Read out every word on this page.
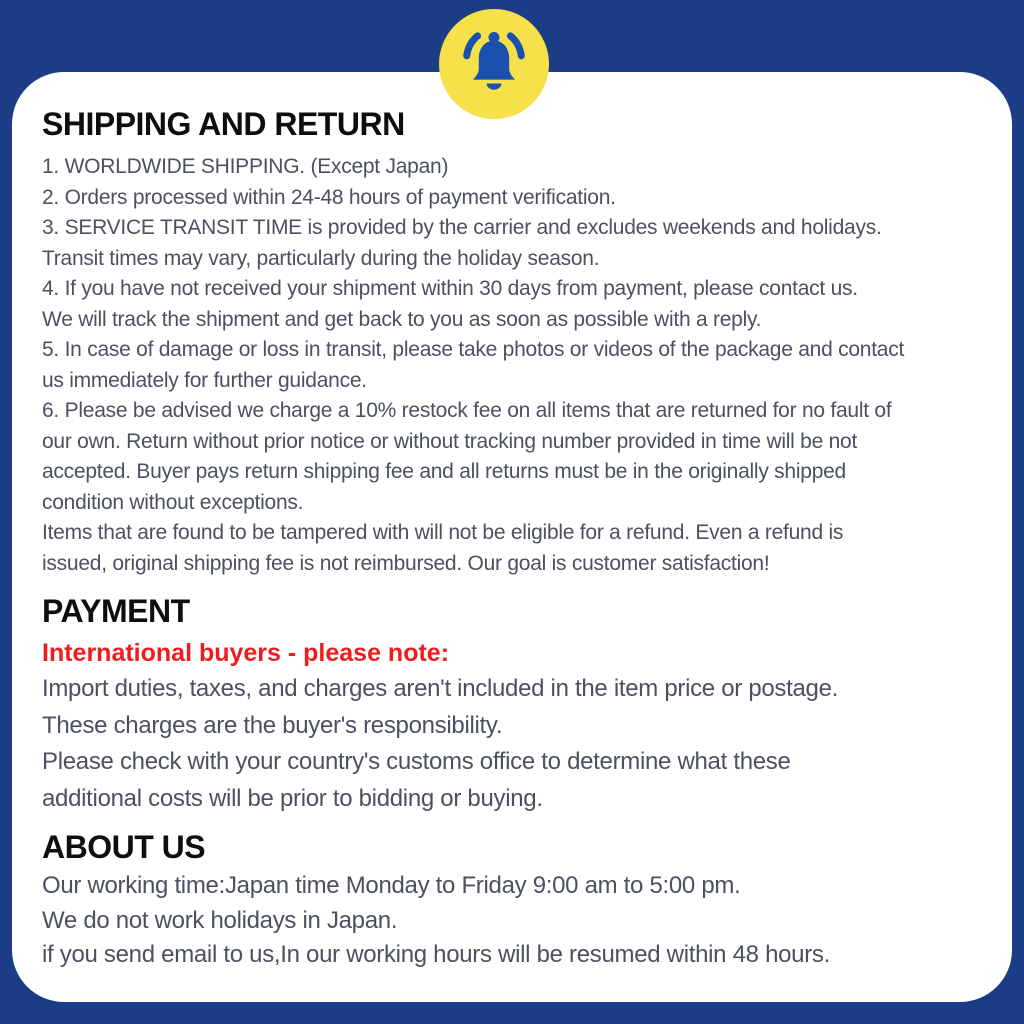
SHIPPING AND RETURN
1. WORLDWIDE SHIPPING. (Except Japan)
2. Orders processed within 24-48 hours of payment verification.
3. SERVICE TRANSIT TIME is provided by the carrier and excludes weekends and holidays.
Transit times may vary, particularly during the holiday season.
4. If you have not received your shipment within 30 days from payment, please contact us.
We will track the shipment and get back to you as soon as possible with a reply.
5. In case of damage or loss in transit, please take photos or videos of the package and contact
us immediately for further guidance.
6. Please be advised we charge a 10% restock fee on all items that are returned for no fault of
our own. Return without prior notice or without tracking number provided in time will be not
accepted. Buyer pays return shipping fee and all returns must be in the originally shipped
condition without exceptions.
Items that are found to be tampered with will not be eligible for a refund. Even a refund is
issued, original shipping fee is not reimbursed. Our goal is customer satisfaction!
PAYMENT
International buyers - please note:
Import duties, taxes, and charges aren't included in the item price or postage.
These charges are the buyer's responsibility.
Please check with your country's customs office to determine what these
additional costs will be prior to bidding or buying.
ABOUT US
Our working time:Japan time Monday to Friday 9:00 am to 5:00 pm.
We do not work holidays in Japan.
if you send email to us,In our working hours will be resumed within 48 hours.
